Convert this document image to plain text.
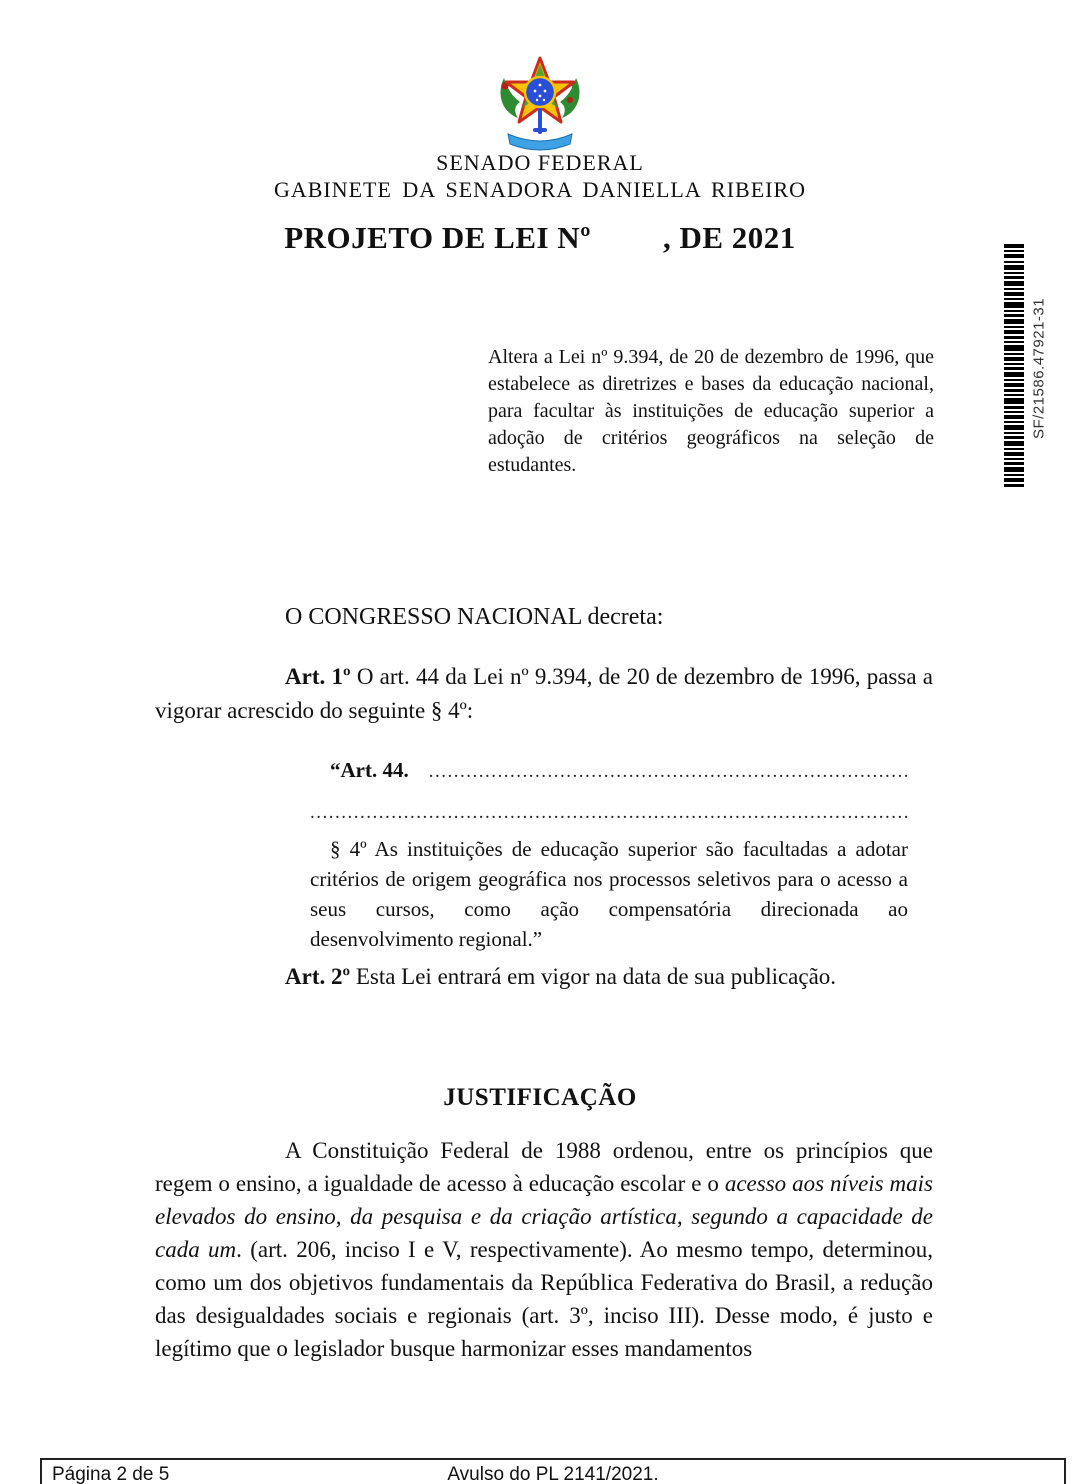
SENADO FEDERAL
GABINETE DA SENADORA DANIELLA RIBEIRO
PROJETO DE LEI Nº , DE 2021
SF/21586.47921-31

Altera a Lei nº 9.394, de 20 de dezembro de 1996, que estabelece as diretrizes e bases da educação nacional, para facultar às instituições de educação superior a adoção de critérios geográficos na seleção de estudantes.

O CONGRESSO NACIONAL decreta:

Art. 1º O art. 44 da Lei nº 9.394, de 20 de dezembro de 1996, passa a vigorar acrescido do seguinte § 4º:

“Art. 44.
.....

.....

§ 4º As instituições de educação superior são facultadas a adotar critérios de origem geográfica nos processos seletivos para o acesso a seus cursos, como ação compensatória direcionada ao desenvolvimento regional.”

Art. 2º Esta Lei entrará em vigor na data de sua publicação.

JUSTIFICAÇÃO

A Constituição Federal de 1988 ordenou, entre os princípios que regem o ensino, a igualdade de acesso à educação escolar e o acesso aos níveis mais elevados do ensino, da pesquisa e da criação artística, segundo a capacidade de cada um. (art. 206, inciso I e V, respectivamente). Ao mesmo tempo, determinou, como um dos objetivos fundamentais da República Federativa do Brasil, a redução das desigualdades sociais e regionais (art. 3º, inciso III). Desse modo, é justo e legítimo que o legislador busque harmonizar esses mandamentos

Página 2 de 5	Avulso do PL 2141/2021.
